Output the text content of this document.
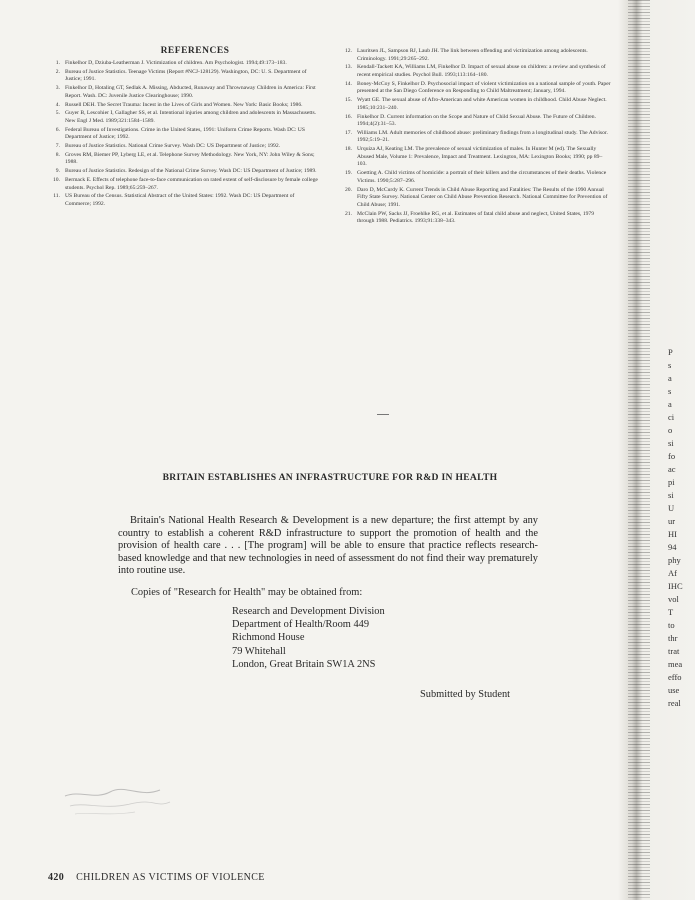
REFERENCES
1. Finkelhor D, Dziuba-Leatherman J. Victimization of children. Am Psychologist. 1994;49:173–183.
2. Bureau of Justice Statistics. Teenage Victims (Report #NCJ-128129). Washington, DC: U. S. Department of Justice; 1991.
3. Finkelhor D, Hotaling GT, Sedlak A. Missing, Abducted, Runaway and Thrownaway Children in America: First Report. Wash. DC: Juvenile Justice Clearinghouse; 1990.
4. Russell DEH. The Secret Trauma: Incest in the Lives of Girls and Women. New York: Basic Books; 1986.
5. Guyer B, Lescohier I, Gallagher SS, et al. Intentional injuries among children and adolescents in Massachusetts. New Engl J Med. 1989;321:1584–1589.
6. Federal Bureau of Investigations. Crime in the United States, 1991: Uniform Crime Reports. Wash DC: US Department of Justice; 1992.
7. Bureau of Justice Statistics. National Crime Survey. Wash DC: US Department of Justice; 1992.
8. Groves RM, Biemer PP, Lyberg LE, et al. Telephone Survey Methodology. New York, NY: John Wiley & Sons; 1988.
9. Bureau of Justice Statistics. Redesign of the National Crime Survey. Wash DC: US Department of Justice; 1989.
10. Bermack E. Effects of telephone face-to-face communication on rated extent of self-disclosure by female college students. Psychol Rep. 1989;65:259–267.
11. US Bureau of the Census. Statistical Abstract of the United States: 1992. Wash DC: US Department of Commerce; 1992.
12. Lauritsen JL, Sampson RJ, Laub JH. The link between offending and victimization among adolescents. Criminology. 1991;29:265–292.
13. Kendall-Tackett KA, Williams LM, Finkelhor D. Impact of sexual abuse on children: a review and synthesis of recent empirical studies. Psychol Bull. 1993;113:164–180.
14. Boney-McCoy S, Finkelhor D. Psychosocial impact of violent victimization on a national sample of youth. Paper presented at the San Diego Conference on Responding to Child Maltreatment; January, 1994.
15. Wyatt GE. The sexual abuse of Afro-American and white American women in childhood. Child Abuse Neglect. 1985;10:231–240.
16. Finkelhor D. Current information on the Scope and Nature of Child Sexual Abuse. The Future of Children. 1994;4(2):31–53.
17. Williams LM. Adult memories of childhood abuse: preliminary findings from a longitudinal study. The Advisor. 1992;5:19–21.
18. Urquiza AJ, Keating LM. The prevalence of sexual victimization of males. In Hunter M (ed). The Sexually Abused Male, Volume 1: Prevalence, Impact and Treatment. Lexington, MA: Lexington Books; 1990; pp 89–103.
19. Goetting A. Child victims of homicide: a portrait of their killers and the circumstances of their deaths. Violence Victims. 1990;5:287–296.
20. Daro D, McCurdy K. Current Trends in Child Abuse Reporting and Fatalities: The Results of the 1990 Annual Fifty State Survey. National Center on Child Abuse Prevention Research. National Committee for Prevention of Child Abuse; 1991.
21. McClain PW, Sacks JJ, Froehlke RG, et al. Estimates of fatal child abuse and neglect, United States, 1979 through 1988. Pediatrics. 1993;91:338–343.
BRITAIN ESTABLISHES AN INFRASTRUCTURE FOR R&D IN HEALTH

Britain's National Health Research & Development is a new departure; the first attempt by any country to establish a coherent R&D infrastructure to support the promotion of health and the provision of health care . . . [The program] will be able to ensure that practice reflects research-based knowledge and that new technologies in need of assessment do not find their way prematurely into routine use.

Copies of "Research for Health" may be obtained from:
Research and Development Division
Department of Health/Room 449
Richmond House
79 Whitehall
London, Great Britain SW1A 2NS
Submitted by Student
420 CHILDREN AS VICTIMS OF VIOLENCE
P
s
a
s
a
ci
o
si
fo
ac
pi
si
U
ur
HI
94
phy
Af
IHC
vol
T
to
thr
trat
mea
effo
use
real
